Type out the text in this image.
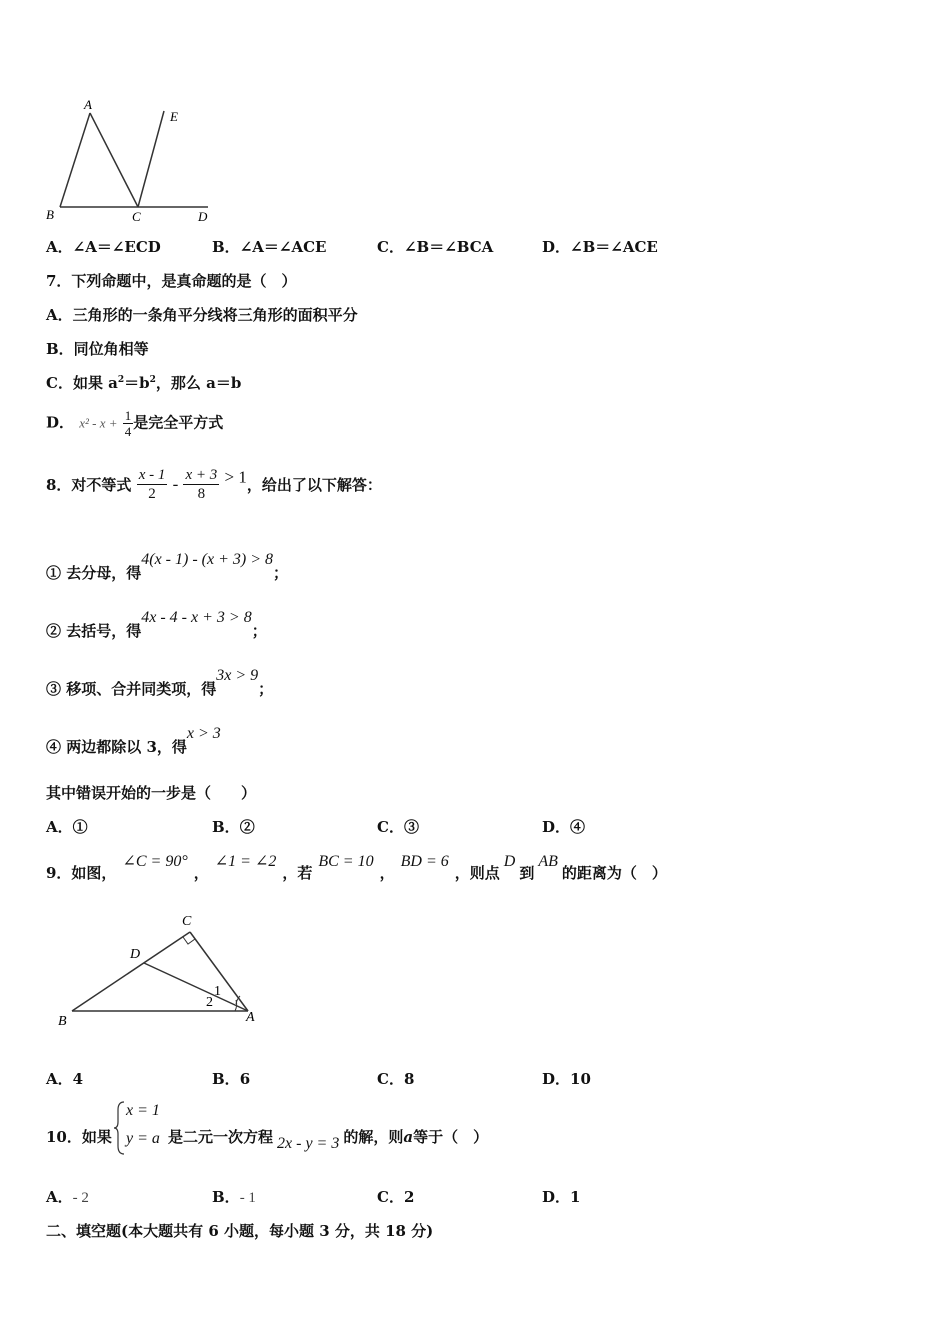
A
B	C	D
E
A．∠A＝∠ECD	B．∠A＝∠ACE	C．∠B＝∠BCA	D．∠B＝∠ACE
7．下列命题中，是真命题的是（　）
A．三角形的一条角平分线将三角形的面积平分
B．同位角相等
C．如果 $a^2=b^2$，那么 a＝b
D． $x^2 - x + \frac{1}{4}$ 是完全平方式
8．对不等式 $\frac{x - 1}{2} - \frac{x + 3}{8} > 1$，给出了以下解答：
① 去分母，得4(x - 1) - (x + 3) > 8；
② 去括号，得4x - 4 - x + 3 > 8；
③ 移项、合并同类项，得3x > 9；
④ 两边都除以 3，得x > 3
其中错误开始的一步是（　　）
A．①	B．②	C．③	D．④
9．如图，∠C = 90°，∠1 = ∠2，若BC = 10，BD = 6，则点D到AB的距离为（　）
C
D
B	A
1
2
A．4	B．6	C．8	D．10
10．如果
x = 1
y = a 是二元一次方程 2x - y = 3 的解，则a等于（　）
A．- 2	B．- 1	C．2	D．1
二、填空题(本大题共有 6 小题，每小题 3 分，共 18 分)
